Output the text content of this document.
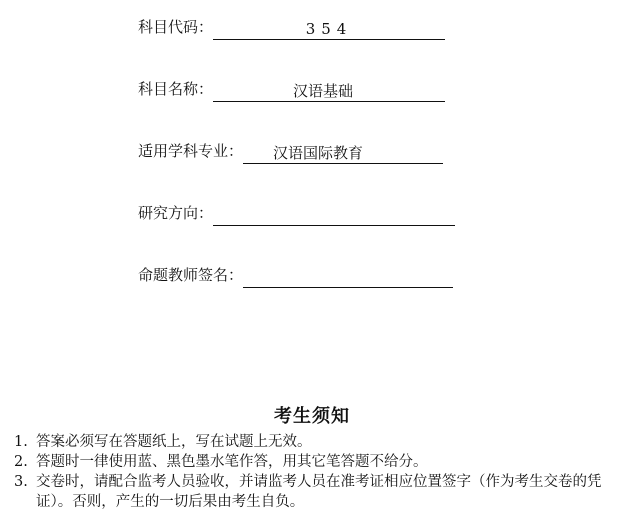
科目代码：	354
科目名称：	汉语基础
适用学科专业：	汉语国际教育
研究方向：
命题教师签名：
考生须知
1. 答案必须写在答题纸上，写在试题上无效。
2. 答题时一律使用蓝、黑色墨水笔作答，用其它笔答题不给分。
3. 交卷时，请配合监考人员验收，并请监考人员在准考证相应位置签字（作为考生交卷的凭证）。否则，产生的一切后果由考生自负。
